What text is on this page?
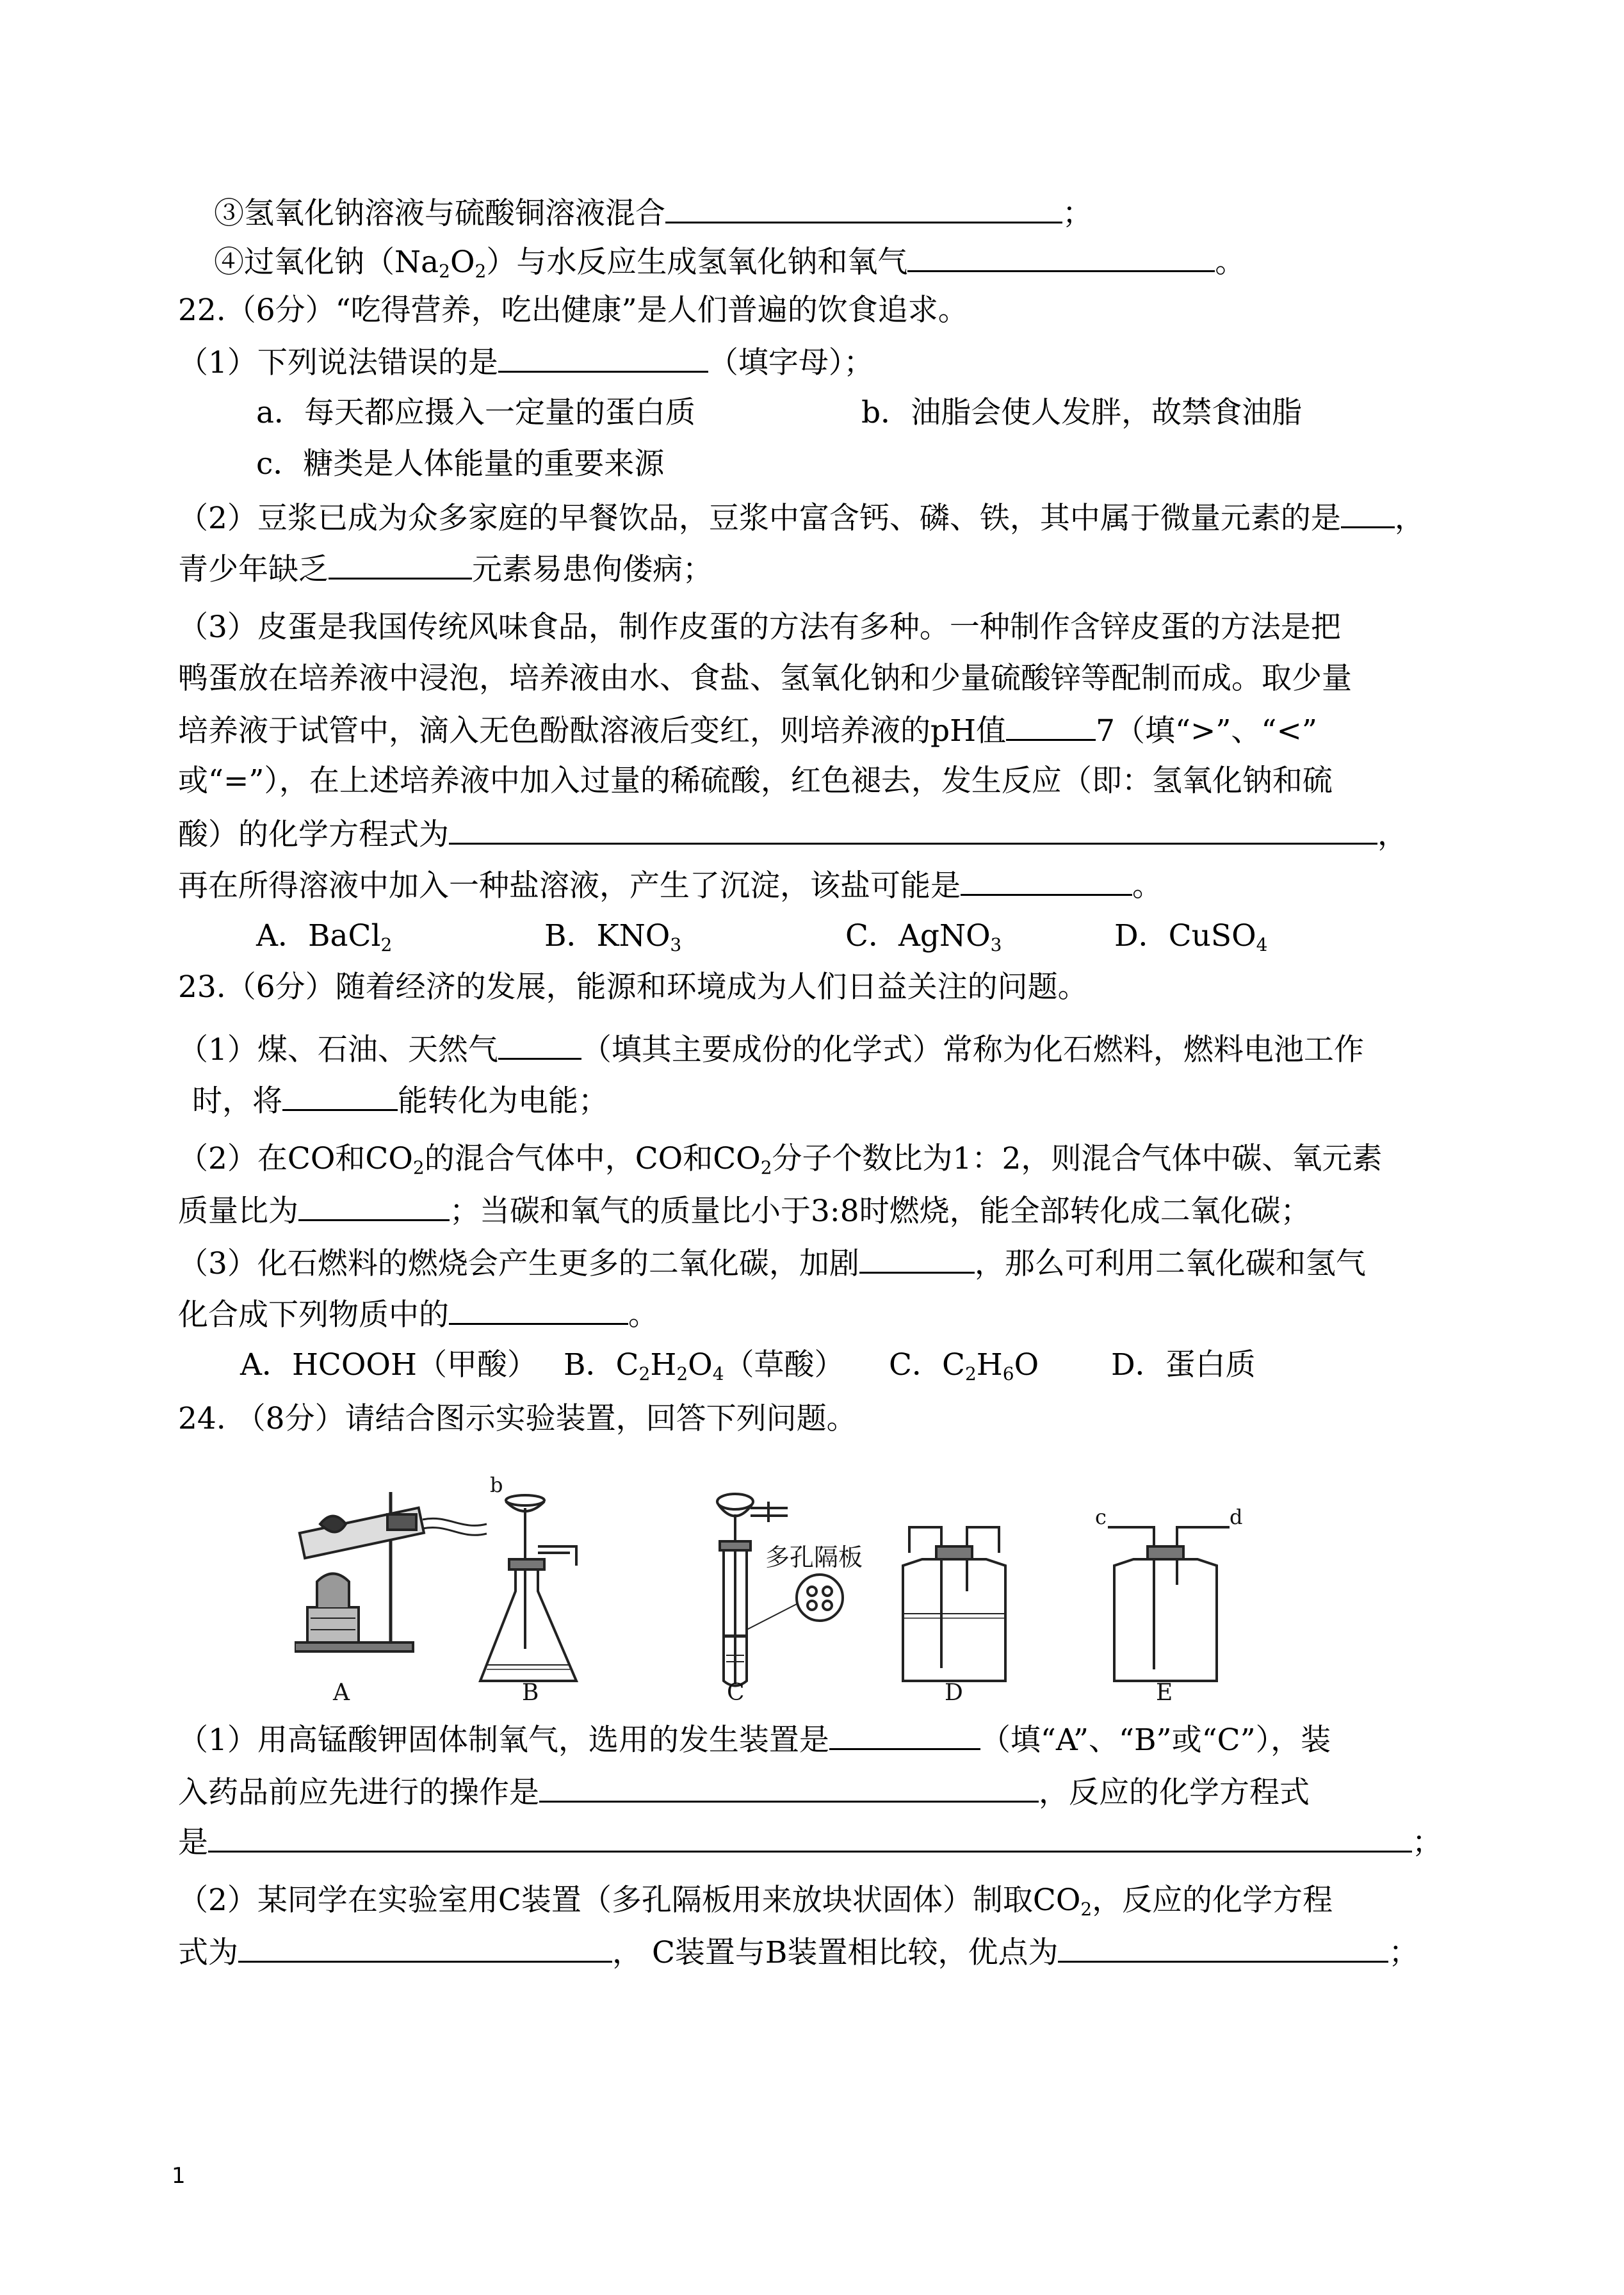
③氢氧化钠溶液与硫酸铜溶液混合	；
④过氧化钠$(Na_2O_2)$与水反应生成氢氧化钠和氧气	。
22.（6分）“吃得营养，吃出健康”是人们普遍的饮食追求。
（1）下列说法错误的是	（填字母）；
a．每天都应摄入一定量的蛋白质	b．油脂会使人发胖，故禁食油脂
c．糖类是人体能量的重要来源
（2）豆浆已成为众多家庭的早餐饮品，豆浆中富含钙、磷、铁，其中属于微量元素的是 ，
青少年缺乏	元素易患佝偻病；
（3）皮蛋是我国传统风味食品，制作皮蛋的方法有多种。一种制作含锌皮蛋的方法是把
鸭蛋放在培养液中浸泡，培养液由水、食盐、氢氧化钠和少量硫酸锌等配制而成。取少量
培养液于试管中，滴入无色酚酞溶液后变红，则培养液的pH值	7（填“>”、“<”
或“=”），在上述培养液中加入过量的稀硫酸，红色褪去，发生反应（即：氢氧化钠和硫
酸）的化学方程式为	，
再在所得溶液中加入一种盐溶液，产生了沉淀，该盐可能是	。
A．BaCl$_2$	B．$KNO_3$	C．AgNO$_3$	D．CuSO$_4$
23.（6分）随着经济的发展，能源和环境成为人们日益关注的问题。
（1）煤、石油、天然气	（填其主要成份的化学式）常称为化石燃料，燃料电池工作
时，将	能转化为电能；
（2）在CO和$CO_2$的混合气体中，CO和$CO_2$分子个数比为1：2，则混合气体中碳、氧元素
质量比为	；当碳和氧气的质量比小于3:8时燃烧，能全部转化成二氧化碳；
（3）化石燃料的燃烧会产生更多的二氧化碳，加剧	，那么可利用二氧化碳和氢气
化合成下列物质中的	。
A．HCOOH（甲酸） B．$C_2H_2O_4$（草酸） C．$C_2H_6O$ D．蛋白质
24. （8分）请结合图示实验装置，回答下列问题。
A	B	C	D	E
b
c	d
多孔隔板
（1）用高锰酸钾固体制氧气，选用的发生装置是	（填“A”、“B”或“C”），装
入药品前应先进行的操作是	，反应的化学方程式
是	；
（2）某同学在实验室用C装置（多孔隔板用来放块状固体）制取$CO_2$，反应的化学方程
式为	， C装置与B装置相比较，优点为	；
1
